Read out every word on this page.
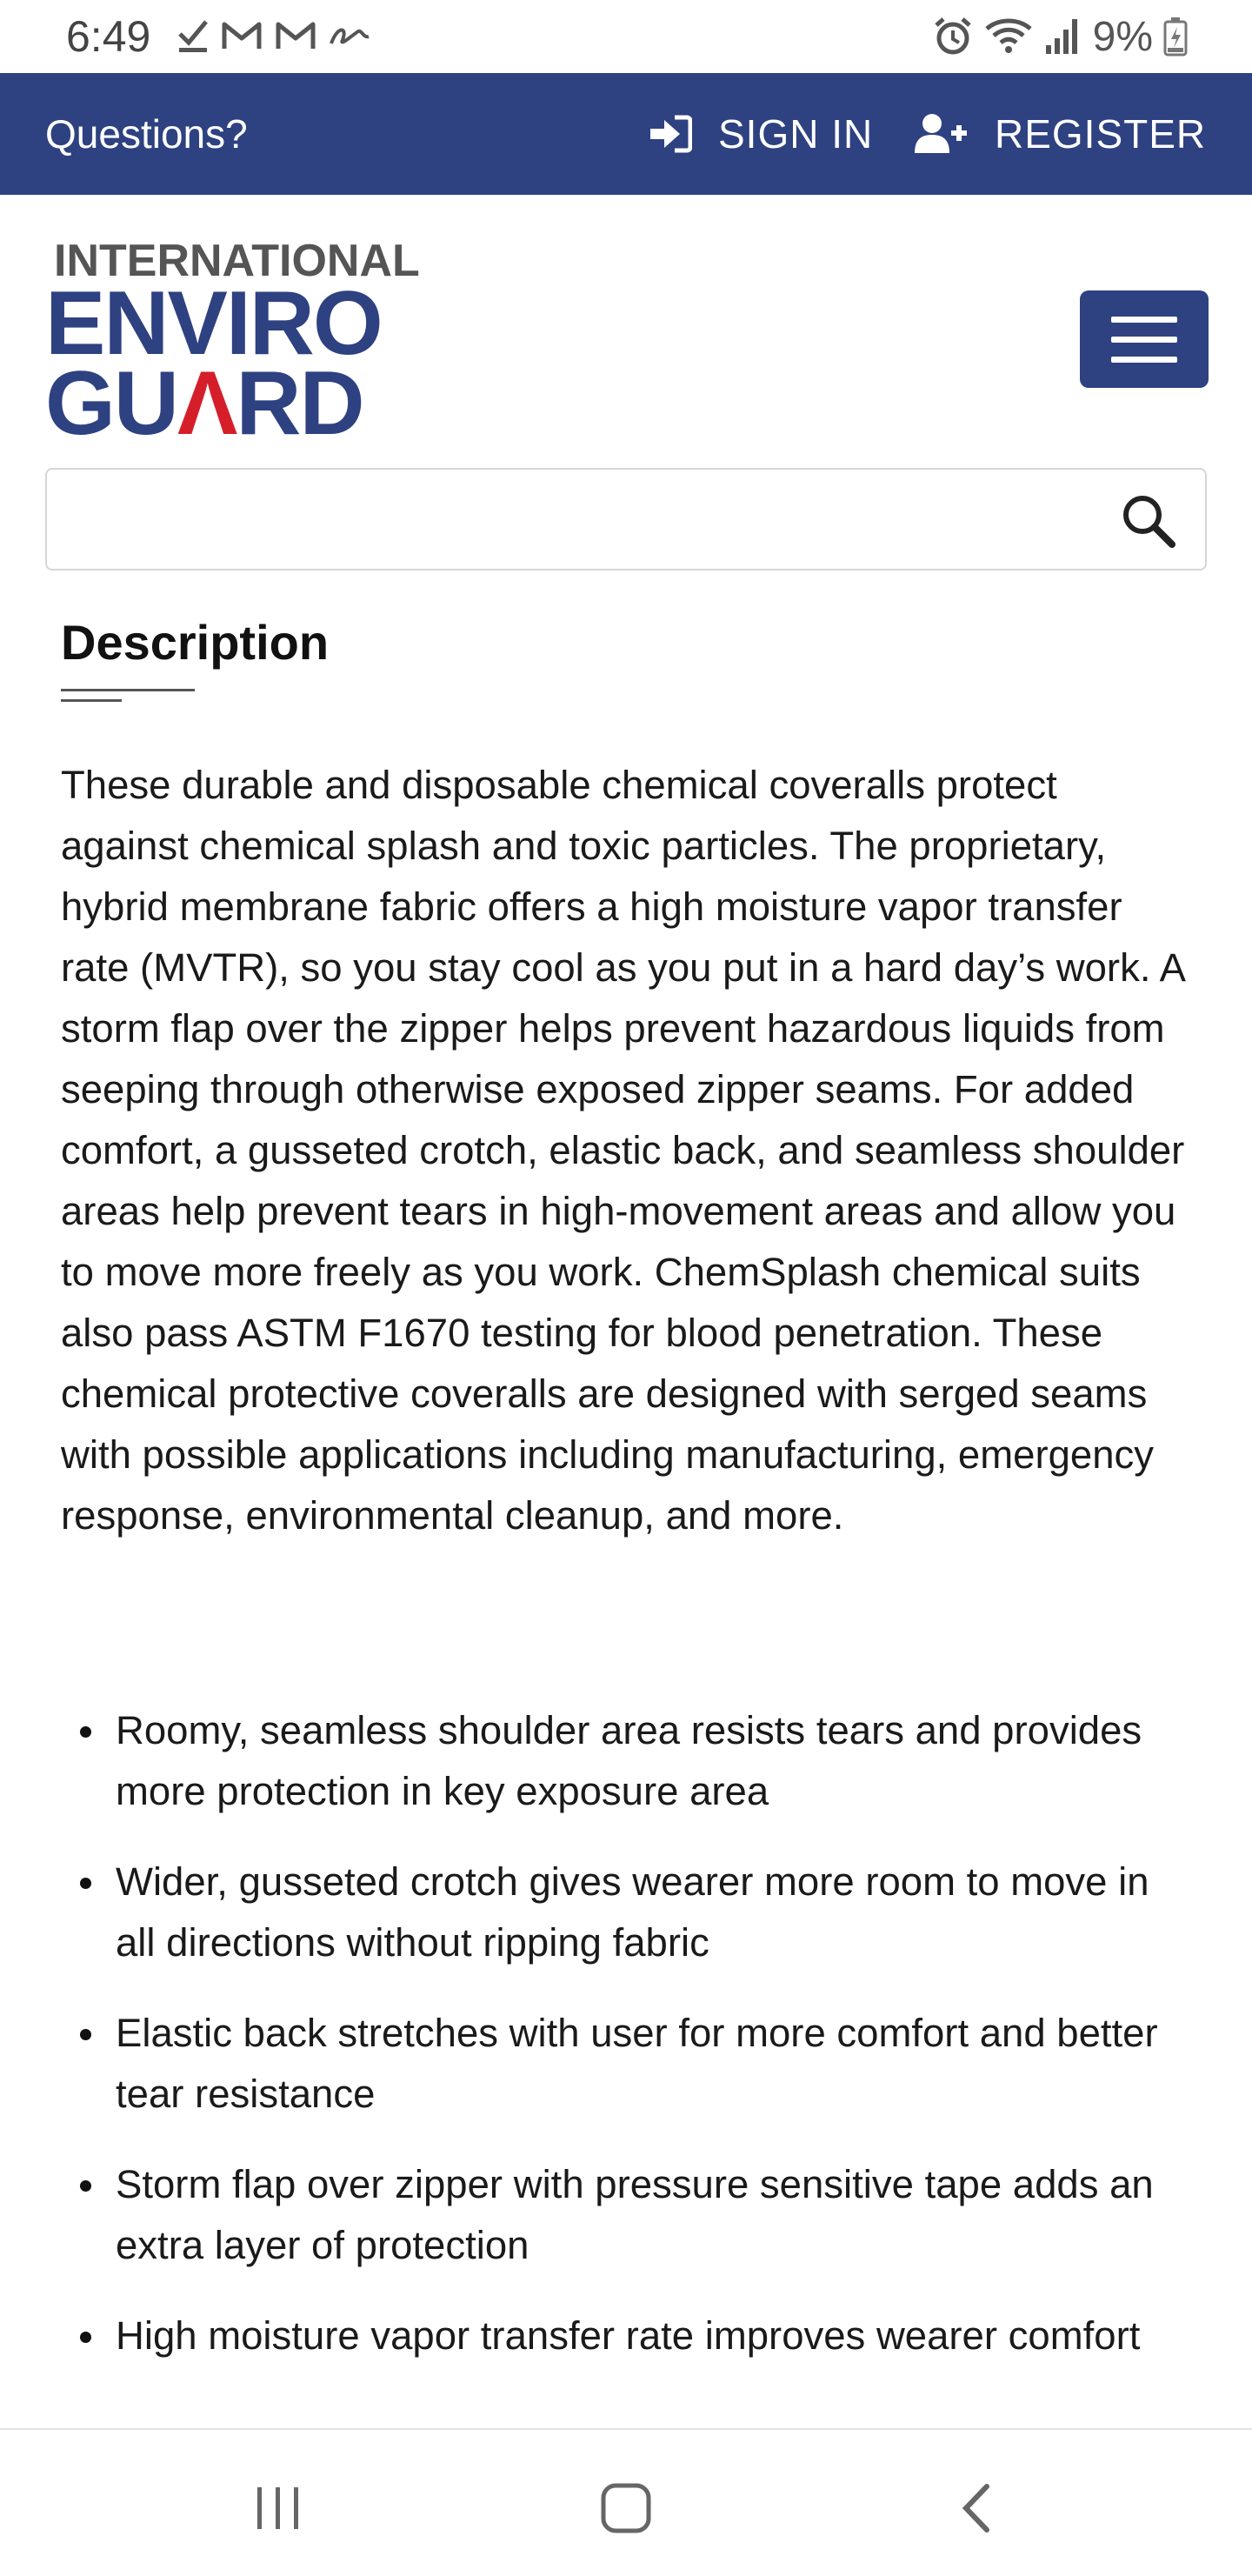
6:49	9%
Questions?	SIGN IN	REGISTER
INTERNATIONAL
ENVIRO
GUΛRD
Description

These durable and disposable chemical coveralls protect against chemical splash and toxic particles. The proprietary, hybrid membrane fabric offers a high moisture vapor transfer rate (MVTR), so you stay cool as you put in a hard day’s work. A storm flap over the zipper helps prevent hazardous liquids from seeping through otherwise exposed zipper seams. For added comfort, a gusseted crotch, elastic back, and seamless shoulder areas help prevent tears in high-movement areas and allow you to move more freely as you work. ChemSplash chemical suits also pass ASTM F1670 testing for blood penetration. These chemical protective coveralls are designed with serged seams with possible applications including manufacturing, emergency response, environmental cleanup, and more.

Roomy, seamless shoulder area resists tears and provides more protection in key exposure area
Wider, gusseted crotch gives wearer more room to move in all directions without ripping fabric
Elastic back stretches with user for more comfort and better tear resistance
Storm flap over zipper with pressure sensitive tape adds an extra layer of protection
High moisture vapor transfer rate improves wearer comfort
